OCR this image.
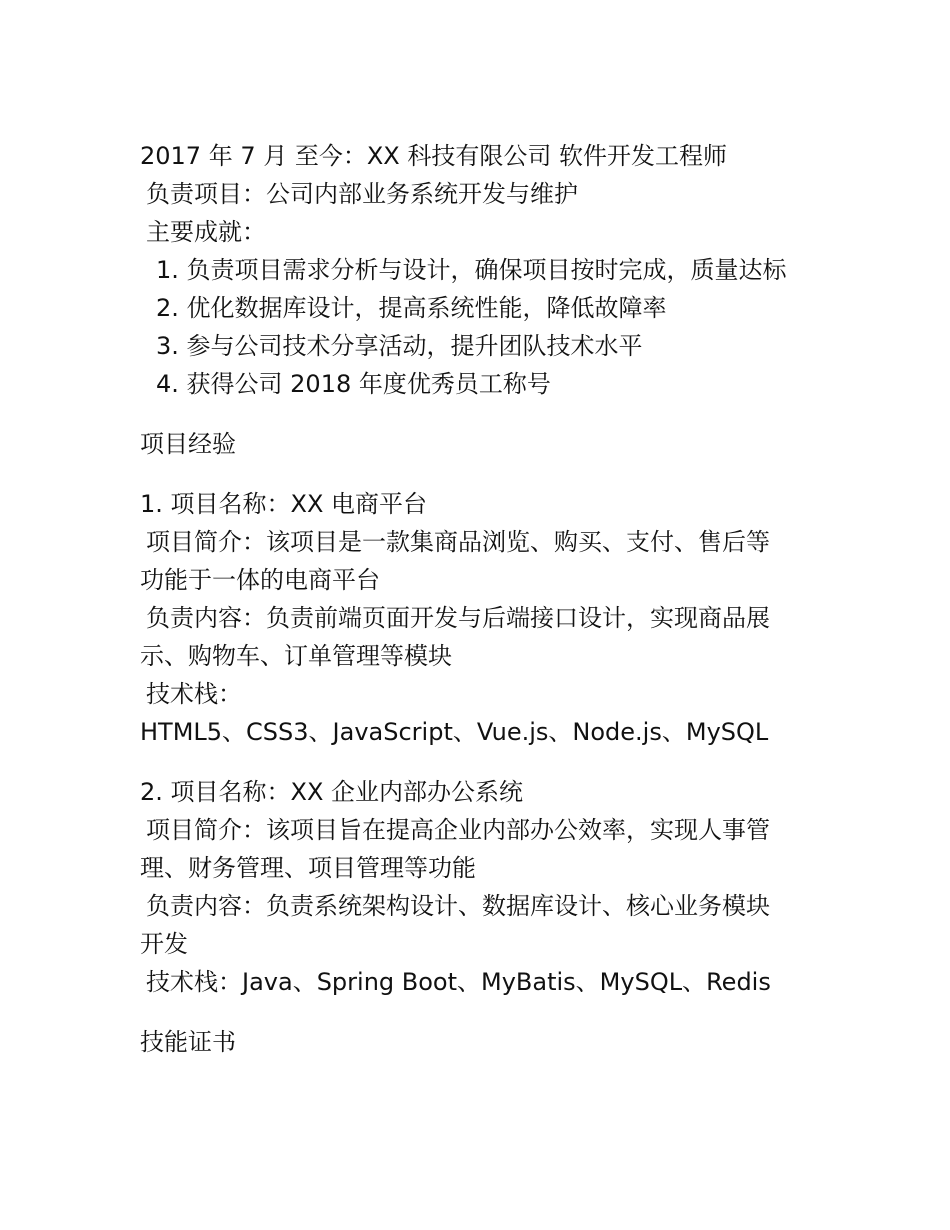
2017 年 7 月 至今：XX 科技有限公司 软件开发工程师
负责项目：公司内部业务系统开发与维护
主要成就：
1. 负责项目需求分析与设计，确保项目按时完成，质量达标
2. 优化数据库设计，提高系统性能，降低故障率
3. 参与公司技术分享活动，提升团队技术水平
4. 获得公司 2018 年度优秀员工称号
项目经验
1. 项目名称：XX 电商平台
项目简介：该项目是一款集商品浏览、购买、支付、售后等
功能于一体的电商平台
负责内容：负责前端页面开发与后端接口设计，实现商品展
示、购物车、订单管理等模块
技术栈：
HTML5、CSS3、JavaScript、Vue.js、Node.js、MySQL
2. 项目名称：XX 企业内部办公系统
项目简介：该项目旨在提高企业内部办公效率，实现人事管
理、财务管理、项目管理等功能
负责内容：负责系统架构设计、数据库设计、核心业务模块
开发
技术栈：Java、Spring Boot、MyBatis、MySQL、Redis
技能证书
